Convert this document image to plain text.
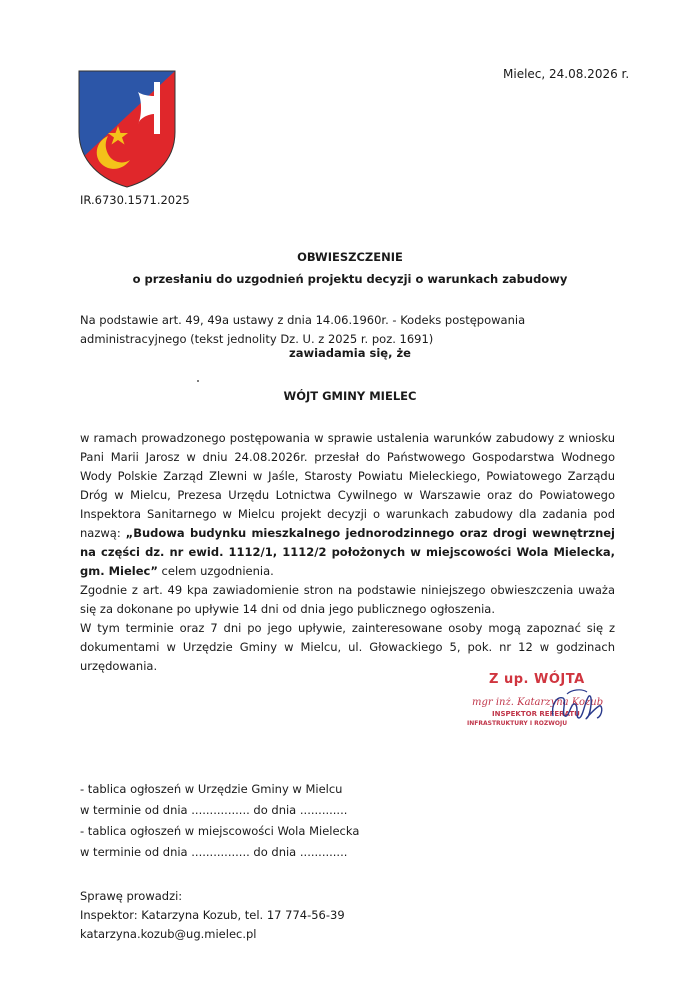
Mielec, 24.08.2026 r.
IR.6730.1571.2025
OBWIESZCZENIE
o przesłaniu do uzgodnień projektu decyzji o warunkach zabudowy
Na podstawie art. 49, 49a ustawy z dnia 14.06.1960r. - Kodeks postępowania administracyjnego (tekst jednolity Dz. U. z 2025 r. poz. 1691)
zawiadamia się, że
WÓJT GMINY MIELEC

w ramach prowadzonego postępowania w sprawie ustalenia warunków zabudowy z wniosku Pani Marii Jarosz w dniu 24.08.2026r. przesłał do Państwowego Gospodarstwa Wodnego Wody Polskie Zarząd Zlewni w Jaśle, Starosty Powiatu Mieleckiego, Powiatowego Zarządu Dróg w Mielcu, Prezesa Urzędu Lotnictwa Cywilnego w Warszawie oraz do Powiatowego Inspektora Sanitarnego w Mielcu projekt decyzji o warunkach zabudowy dla zadania pod nazwą: „Budowa budynku mieszkalnego jednorodzinnego oraz drogi wewnętrznej na części dz. nr ewid. 1112/1, 1112/2 położonych w miejscowości Wola Mielecka, gm. Mielec” celem uzgodnienia.

Zgodnie z art. 49 kpa zawiadomienie stron na podstawie niniejszego obwieszczenia uważa się za dokonane po upływie 14 dni od dnia jego publicznego ogłoszenia.

W tym terminie oraz 7 dni po jego upływie, zainteresowane osoby mogą zapoznać się z dokumentami w Urzędzie Gminy w Mielcu, ul. Głowackiego 5, pok. nr 12 w godzinach urzędowania.

Z up. WÓJTA
mgr inż. Katarzyna Kozub
INSPEKTOR REFERATU
INFRASTRUKTURY I ROZWOJU
- tablica ogłoszeń w Urzędzie Gminy w Mielcu
w terminie od dnia ................ do dnia .............
- tablica ogłoszeń w miejscowości Wola Mielecka
w terminie od dnia ................ do dnia .............
Sprawę prowadzi:
Inspektor: Katarzyna Kozub, tel. 17 774-56-39
katarzyna.kozub@ug.mielec.pl
